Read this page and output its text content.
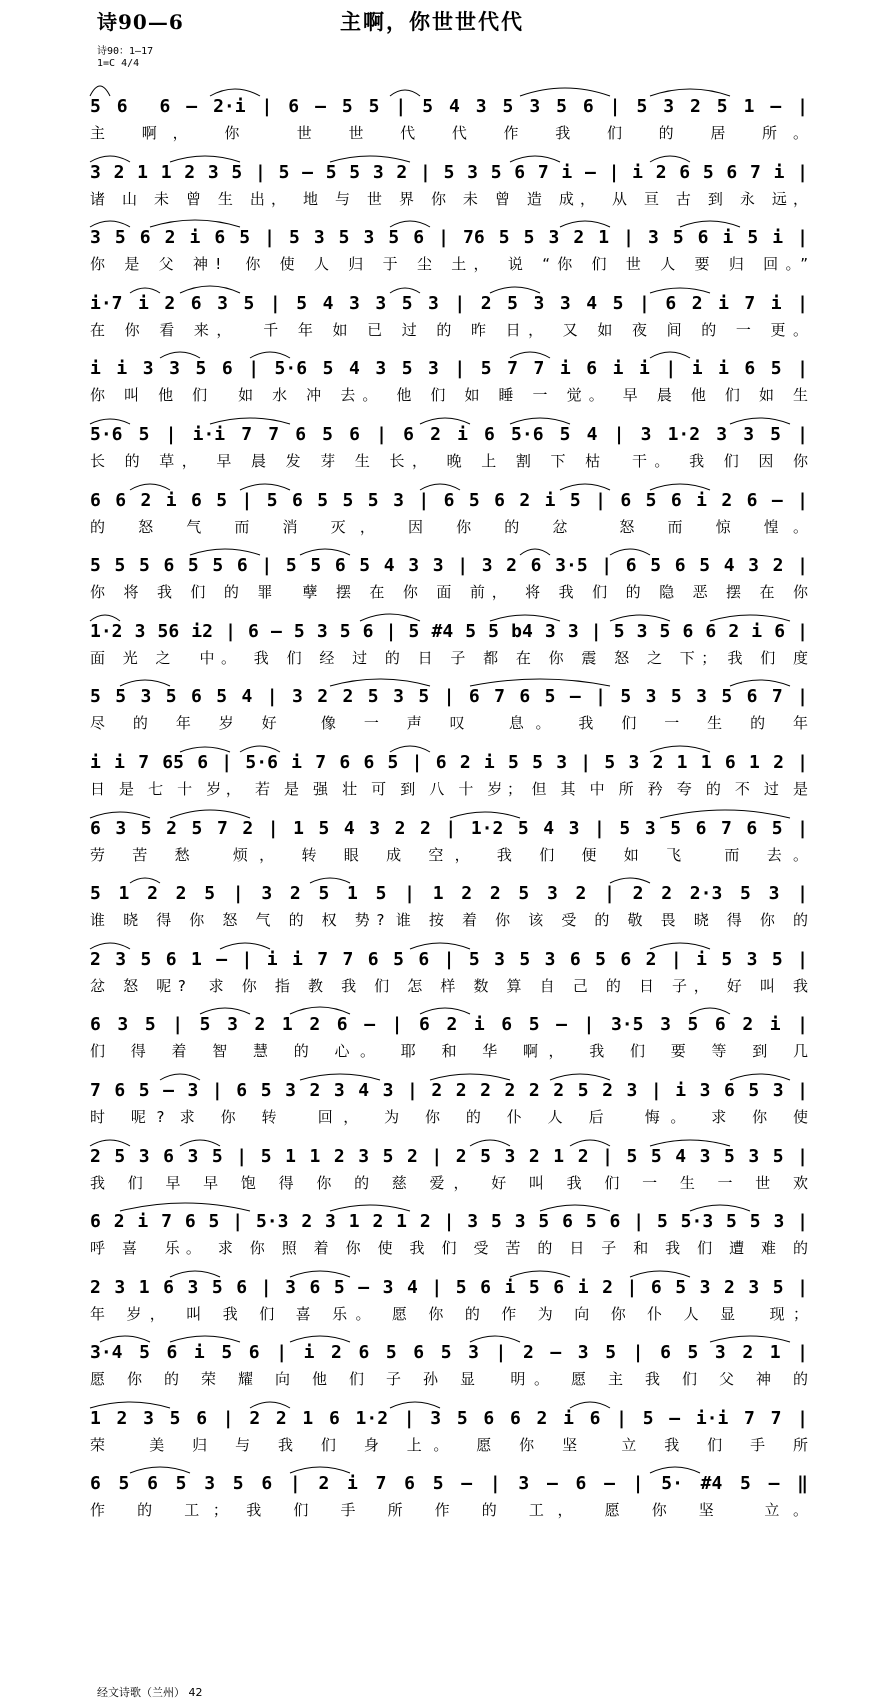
诗90—6	主啊，你世世代代
诗90：1—17
1=C 4/4
5 6  6 – 2·i | 6 – 5 5 | 5 4 3 5 3 5 6 | 5 3 2 5 1 – |
主 啊， 你  世 世 代 代 作 我 们 的 居 所。
3 2 1 1 2 3 5 | 5 – 5 5 3 2 | 5 3 5 6 7 i – | i 2 6 5 6 7 i |
诸 山 未 曾 生 出， 地 与 世 界 你 未 曾 造 成， 从 亘 古 到 永 远，
3 5 6 2 i 6 5 | 5 3 5 3 5 6 | 76 5 5 3 2 1 | 3 5 6 i 5 i |
你 是 父 神!  你 使 人 归 于 尘 土， 说 “你 们 世 人 要 归 回。”
i·7 i 2 6 3 5 | 5 4 3 3 5 3 | 2 5 3 3 4 5 | 6 2 i 7 i |
在 你 看 来，  千 年 如 已 过 的 昨 日， 又 如 夜 间 的 一 更。
i i 3 3 5 6 | 5·6 5 4 3 5 3 | 5 7 7 i 6 i i | i i 6 5 |
你 叫 他 们  如 水 冲 去。 他 们 如 睡 一 觉。 早 晨 他 们 如 生
5·6 5 | i·i 7 7 6 5 6 | 6 2 i 6 5·6 5 4 | 3 1·2 3 3 5 |
长 的 草， 早 晨 发 芽 生 长， 晚 上 割 下 枯  干。 我 们 因 你
6 6 2 i 6 5 | 5 6 5 5 5 3 | 6 5 6 2 i 5 | 6 5 6 i 2 6 – |
的 怒 气 而 消 灭， 因 你 的 忿  怒 而 惊 惶。
5 5 5 6 5 5 6 | 5 5 6 5 4 3 3 | 3 2 6 3·5 | 6 5 6 5 4 3 2 |
你 将 我 们 的 罪  孽 摆 在 你 面 前， 将 我 们 的 隐 恶 摆 在 你
1·2 3 56 i2 | 6 – 5 3 5 6 | 5 #4 5 5 b4 3 3 | 5 3 5 6 6 2 i 6 |
面 光 之  中。 我 们 经 过 的 日 子 都 在 你 震 怒 之 下； 我 们 度
5 5 3 5 6 5 4 | 3 2 2 5 3 5 | 6 7 6 5 – | 5 3 5 3 5 6 7 |
尽 的 年 岁 好  像 一 声 叹  息。 我 们 一 生 的 年
i i 7 65 6 | 5·6 i 7 6 6 5 | 6 2 i 5 5 3 | 5 3 2 1 1 6 1 2 |
日 是 七 十 岁， 若 是 强 壮 可 到 八 十 岁； 但 其 中 所 矜 夸 的 不 过 是
6 3 5 2 5 7 2 | 1 5 4 3 2 2 | 1·2 5 4 3 | 5 3 5 6 7 6 5 |
劳 苦 愁  烦， 转 眼 成 空， 我 们 便 如 飞  而 去。
5 1 2 2 5 | 3 2 5 1 5 | 1 2 2 5 3 2 | 2 2 2·3 5 3 |
谁 晓 得 你 怒 气 的 权 势? 谁 按 着 你 该 受 的 敬 畏 晓 得 你 的
2 3 5 6 1 – | i i 7 7 6 5 6 | 5 3 5 3 6 5 6 2 | i 5 3 5 |
忿 怒 呢?  求 你 指 教 我 们 怎 样 数 算 自 己 的 日 子， 好 叫 我
6 3 5 | 5 3 2 1 2 6 – | 6 2 i 6 5 – | 3·5 3 5 6 2 i |
们 得 着 智 慧 的 心。 耶 和 华 啊， 我 们 要 等 到 几
7 6 5 – 3 | 6 5 3 2 3 4 3 | 2 2 2 2 2 2 5 2 3 | i 3 6 5 3 |
时 呢? 求 你 转  回， 为 你 的 仆 人 后  悔。 求 你 使
2 5 3 6 3 5 | 5 1 1 2 3 5 2 | 2 5 3 2 1 2 | 5 5 4 3 5 3 5 |
我 们 早 早 饱 得 你 的 慈 爱， 好 叫 我 们 一 生 一 世 欢
6 2 i 7 6 5 | 5·3 2 3 1 2 1 2 | 3 5 3 5 6 5 6 | 5 5·3 5 5 3 |
呼 喜  乐。 求 你 照 着 你 使 我 们 受 苦 的 日 子 和 我 们 遭 难 的
2 3 1 6 3 5 6 | 3 6 5 – 3 4 | 5 6 i 5 6 i 2 | 6 5 3 2 3 5 |
年 岁， 叫 我 们 喜 乐。 愿 你 的 作 为 向 你 仆 人 显  现；
3·4 5 6 i 5 6 | i 2 6 5 6 5 3 | 2 – 3 5 | 6 5 3 2 1 |
愿 你 的 荣 耀 向 他 们 子 孙 显  明。 愿 主 我 们 父 神 的
1 2 3 5 6 | 2 2 1 6 1·2 | 3 5 6 6 2 i 6 | 5 – i·i 7 7 |
荣  美 归 与 我 们 身 上。 愿 你 坚  立 我 们 手 所
6 5 6 5 3 5 6 | 2 i 7 6 5 – | 3 – 6 – | 5· #4 5 – ‖
作 的 工； 我 们 手 所 作 的 工， 愿 你 坚  立。
经文诗歌（兰州） 42
